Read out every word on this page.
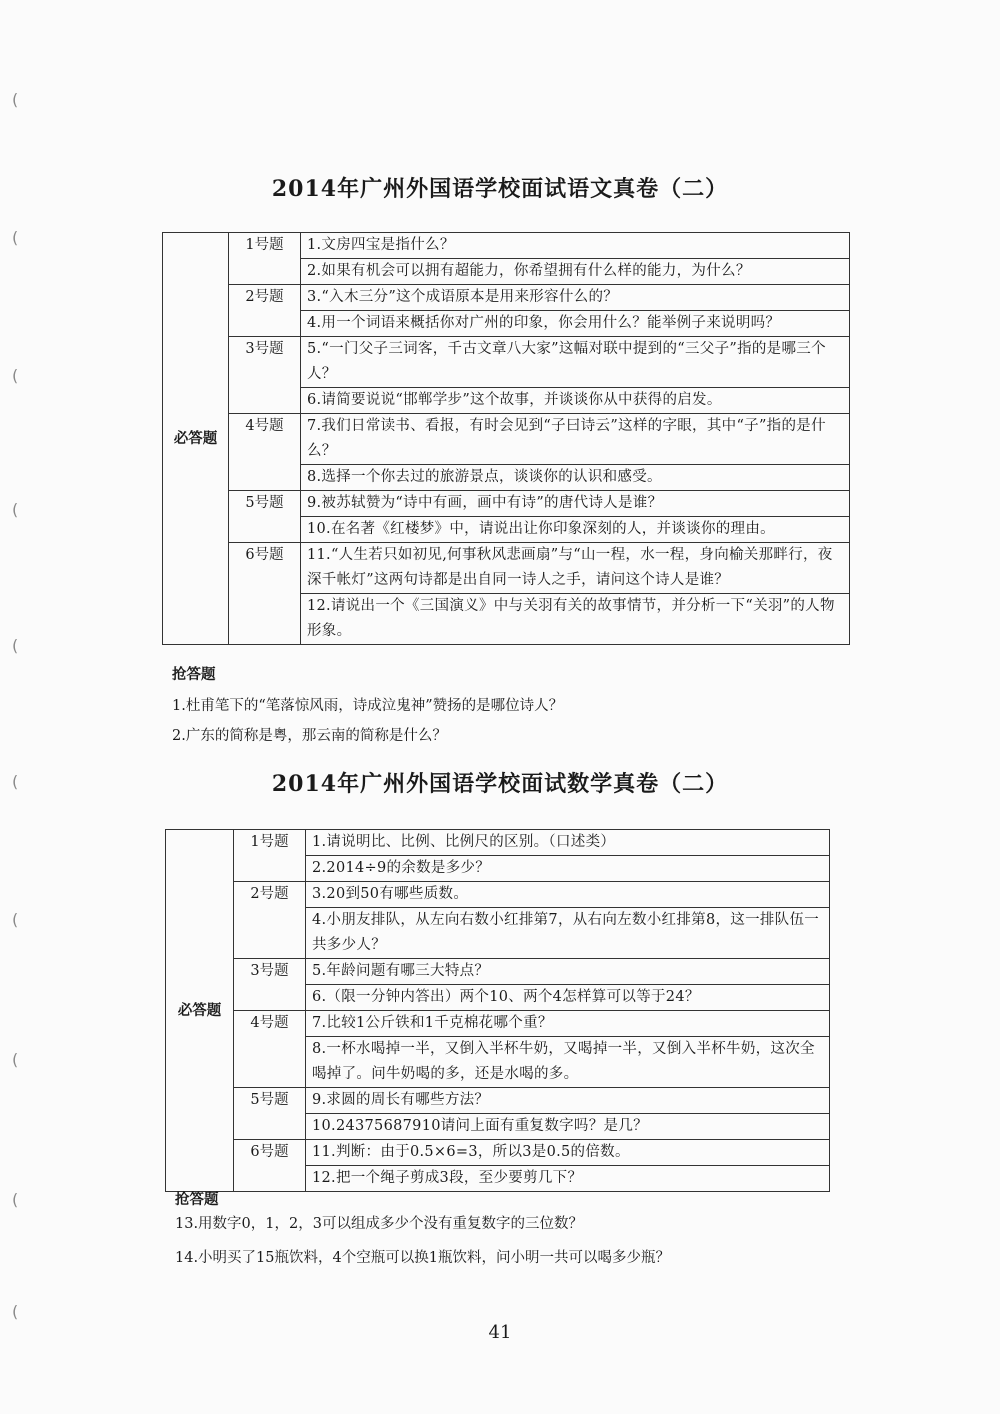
(
(
(
(
(
(
(
(
(
(
2014年广州外国语学校面试语文真卷（二）
必答题	1号题	1.文房四宝是指什么？
		2.如果有机会可以拥有超能力，你希望拥有什么样的能力，为什么？
	2号题	3.“入木三分”这个成语原本是用来形容什么的？
		4.用一个词语来概括你对广州的印象，你会用什么？能举例子来说明吗？
	3号题	5.“一门父子三词客，千古文章八大家”这幅对联中提到的“三父子”指的是哪三个人？
		6.请简要说说“邯郸学步”这个故事，并谈谈你从中获得的启发。
	4号题	7.我们日常读书、看报，有时会见到“子曰诗云”这样的字眼，其中“子”指的是什么？
		8.选择一个你去过的旅游景点，谈谈你的认识和感受。
	5号题	9.被苏轼赞为“诗中有画，画中有诗”的唐代诗人是谁？
		10.在名著《红楼梦》中，请说出让你印象深刻的人，并谈谈你的理由。
	6号题	11.“人生若只如初见,何事秋风悲画扇”与“山一程，水一程，身向榆关那畔行，夜深千帐灯”这两句诗都是出自同一诗人之手，请问这个诗人是谁？
		12.请说出一个《三国演义》中与关羽有关的故事情节，并分析一下“关羽”的人物形象。
抢答题
1.杜甫笔下的“笔落惊风雨，诗成泣鬼神”赞扬的是哪位诗人？
2.广东的简称是粤，那云南的简称是什么？
2014年广州外国语学校面试数学真卷（二）
必答题	1号题	1.请说明比、比例、比例尺的区别。（口述类）
		2.2014÷9的余数是多少？
	2号题	3.20到50有哪些质数。
		4.小朋友排队，从左向右数小红排第7，从右向左数小红排第8，这一排队伍一共多少人？
	3号题	5.年龄问题有哪三大特点？
		6.（限一分钟内答出）两个10、两个4怎样算可以等于24？
	4号题	7.比较1公斤铁和1千克棉花哪个重？
		8.一杯水喝掉一半，又倒入半杯牛奶，又喝掉一半，又倒入半杯牛奶，这次全喝掉了。问牛奶喝的多，还是水喝的多。
	5号题	9.求圆的周长有哪些方法？
		10.24375687910请问上面有重复数字吗？是几？
	6号题	11.判断：由于0.5×6=3，所以3是0.5的倍数。
		12.把一个绳子剪成3段，至少要剪几下？
抢答题
13.用数字0，1，2，3可以组成多少个没有重复数字的三位数？
14.小明买了15瓶饮料，4个空瓶可以换1瓶饮料，问小明一共可以喝多少瓶？
41
